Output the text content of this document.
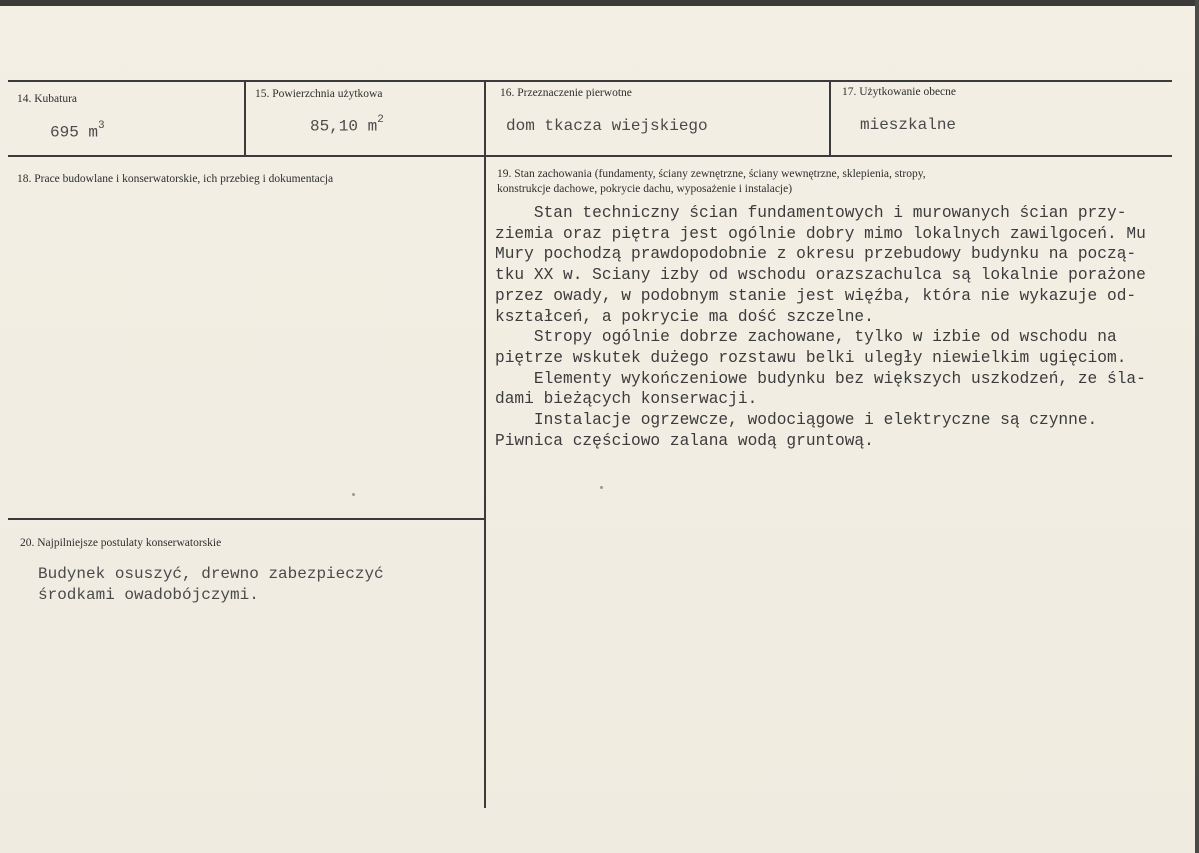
14. Kubatura
695 $m^3$
15. Powierzchnia użytkowa
85,10 $m^2$
16. Przeznaczenie pierwotne
dom tkacza wiejskiego
17. Użytkowanie obecne
mieszkalne
18. Prace budowlane i konserwatorskie, ich przebieg i dokumentacja	19. Stan zachowania (fundamenty, ściany zewnętrzne, ściany wewnętrzne, sklepienia, stropy,
konstrukcje dachowe, pokrycie dachu, wyposażenie i instalacje)
Stan techniczny ścian fundamentowych i murowanych ścian przy-
ziemia oraz piętra jest ogólnie dobry mimo lokalnych zawilgoceń. Mu
Mury pochodzą prawdopodobnie z okresu przebudowy budynku na począ-
tku XX w. Sciany izby od wschodu orazszachulca są lokalnie porażone
przez owady, w podobnym stanie jest więźba, która nie wykazuje od-
kształceń, a pokrycie ma dość szczelne.
Stropy ogólnie dobrze zachowane, tylko w izbie od wschodu na
piętrze wskutek dużego rozstawu belki uległy niewielkim ugięciom.
Elementy wykończeniowe budynku bez większych uszkodzeń, ze śla-
dami bieżących konserwacji.
Instalacje ogrzewcze, wodociągowe i elektryczne są czynne.
Piwnica częściowo zalana wodą gruntową.
20. Najpilniejsze postulaty konserwatorskie
Budynek osuszyć, drewno zabezpieczyć
środkami owadobójczymi.
